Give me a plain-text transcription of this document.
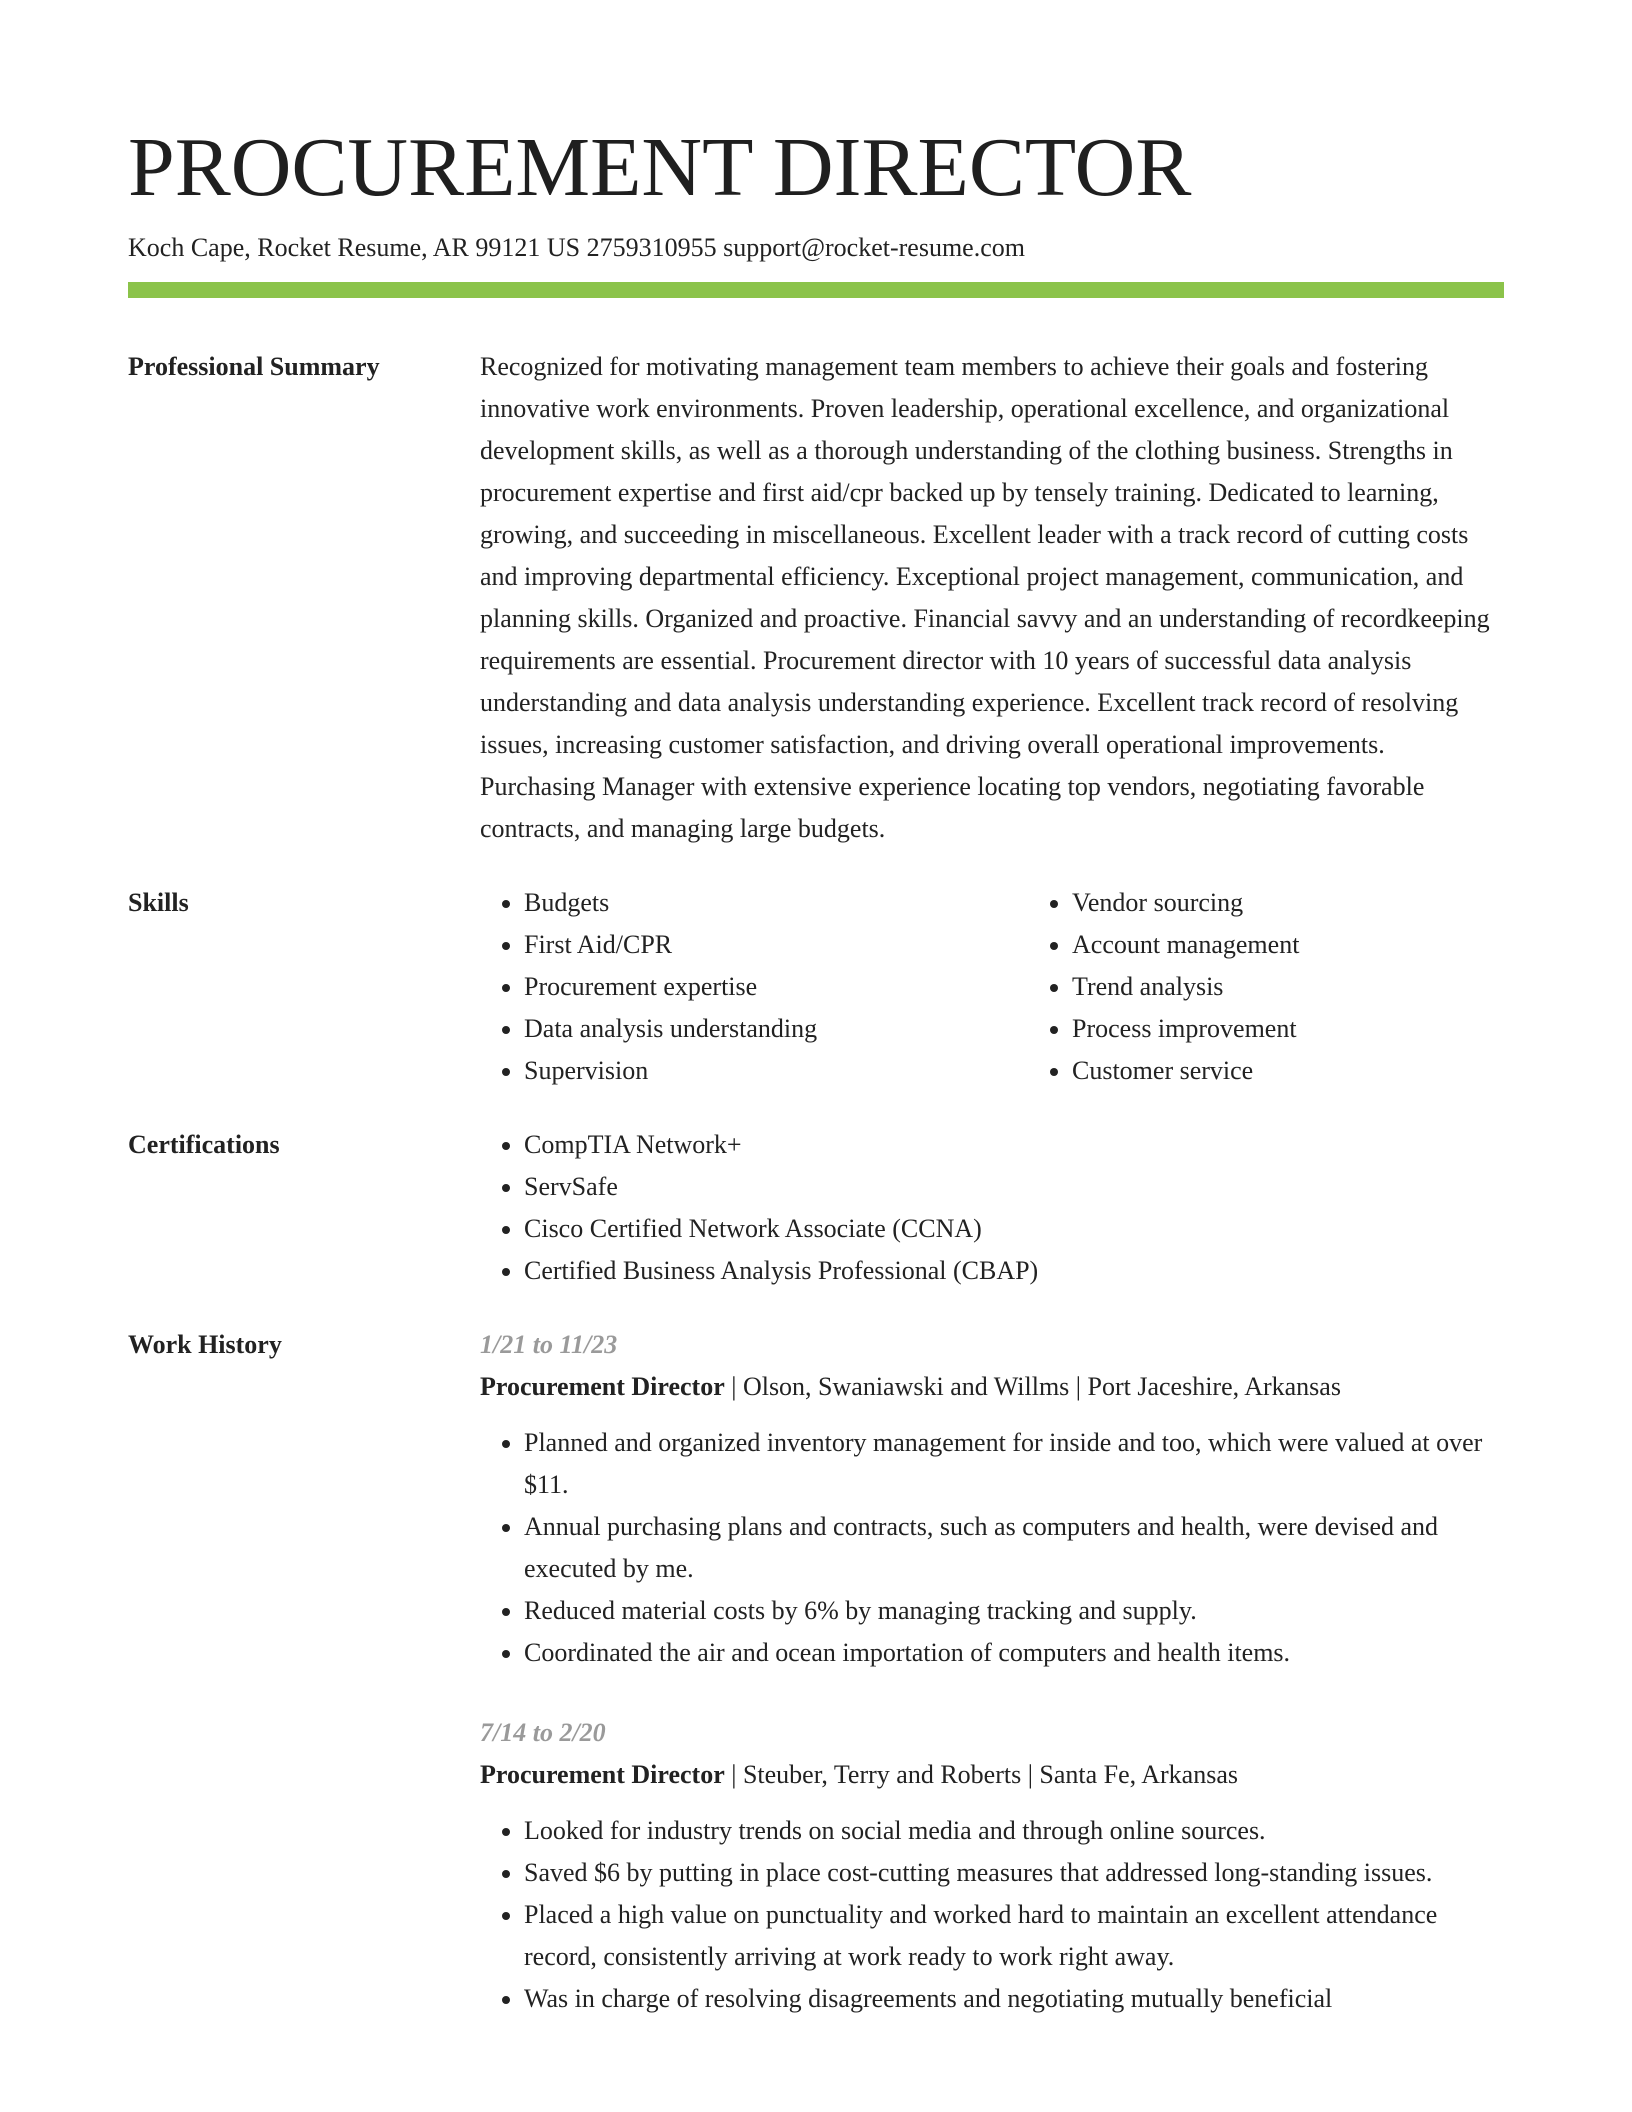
PROCUREMENT DIRECTOR
Koch Cape, Rocket Resume, AR 99121 US 2759310955 support@rocket-resume.com
Professional Summary	Recognized for motivating management team members to achieve their goals and fostering innovative work environments. Proven leadership, operational excellence, and organizational development skills, as well as a thorough understanding of the clothing business. Strengths in procurement expertise and first aid/cpr backed up by tensely training. Dedicated to learning, growing, and succeeding in miscellaneous. Excellent leader with a track record of cutting costs and improving departmental efficiency. Exceptional project management, communication, and planning skills. Organized and proactive. Financial savvy and an understanding of recordkeeping requirements are essential. Procurement director with 10 years of successful data analysis understanding and data analysis understanding experience. Excellent track record of resolving issues, increasing customer satisfaction, and driving overall operational improvements. Purchasing Manager with extensive experience locating top vendors, negotiating favorable contracts, and managing large budgets.

Skills	• Budgets
• First Aid/CPR
• Procurement expertise
• Data analysis understanding
• Supervision
• Vendor sourcing
• Account management
• Trend analysis
• Process improvement
• Customer service
Certifications	• CompTIA Network+
• ServSafe
• Cisco Certified Network Associate (CCNA)
• Certified Business Analysis Professional (CBAP)
Work History	1/21 to 11/23
Procurement Director | Olson, Swaniawski and Willms | Port Jaceshire, Arkansas
• Planned and organized inventory management for inside and too, which were valued at over $11.
• Annual purchasing plans and contracts, such as computers and health, were devised and executed by me.
• Reduced material costs by 6% by managing tracking and supply.
• Coordinated the air and ocean importation of computers and health items.
7/14 to 2/20
Procurement Director | Steuber, Terry and Roberts | Santa Fe, Arkansas
• Looked for industry trends on social media and through online sources.
• Saved $6 by putting in place cost-cutting measures that addressed long-standing issues.
• Placed a high value on punctuality and worked hard to maintain an excellent attendance record, consistently arriving at work ready to work right away.
• Was in charge of resolving disagreements and negotiating mutually beneficial
